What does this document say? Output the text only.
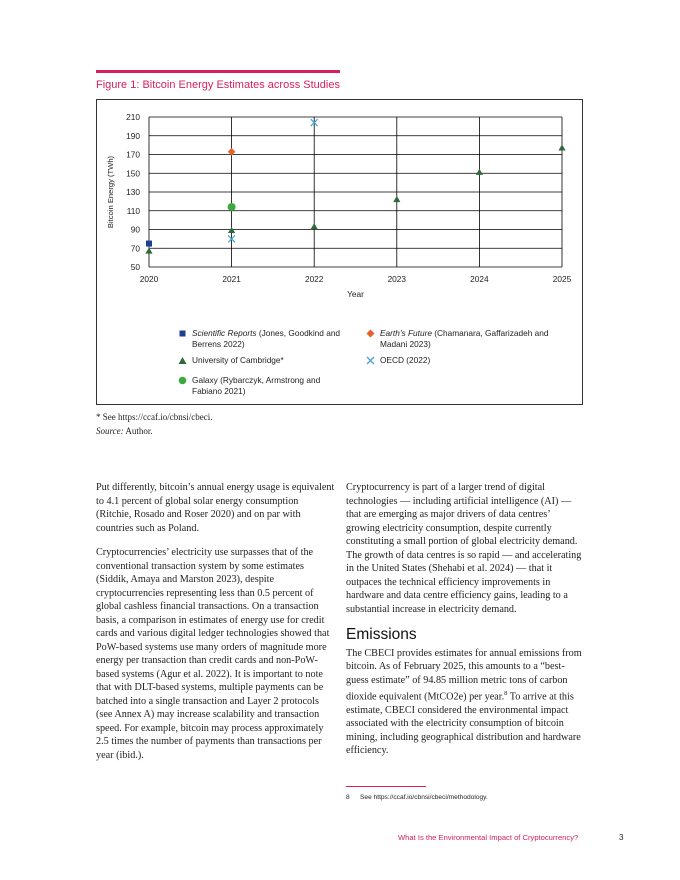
Figure 1: Bitcoin Energy Estimates across Studies
50
70
90
110
130
150
170
190
210
2020	2021	2022	2023	2024	2025
Year
Bitcoin Energy (TWh)
Scientific Reports (Jones, Goodkind and Berrens 2022)
University of Cambridge*
Galaxy (Rybarczyk, Armstrong and Fabiano 2021)
Earth’s Future (Chamanara, Gaffarizadeh and Madani 2023)
OECD (2022)
* See https://ccaf.io/cbnsi/cbeci.
Source: Author.

Put differently, bitcoin’s annual energy usage is equivalent to 4.1 percent of global solar energy consumption (Ritchie, Rosado and Roser 2020) and on par with countries such as Poland.

Cryptocurrencies’ electricity use surpasses that of the conventional transaction system by some estimates (Siddik, Amaya and Marston 2023), despite cryptocurrencies representing less than 0.5 percent of global cashless financial transactions. On a transaction basis, a comparison in estimates of energy use for credit cards and various digital ledger technologies showed that PoW-based systems use many orders of magnitude more energy per transaction than credit cards and non-PoW-based systems (Agur et al. 2022). It is important to note that with DLT-based systems, multiple payments can be batched into a single transaction and Layer 2 protocols (see Annex A) may increase scalability and transaction speed. For example, bitcoin may process approximately 2.5 times the number of payments than transactions per year (ibid.).

Cryptocurrency is part of a larger trend of digital technologies — including artificial intelligence (AI) — that are emerging as major drivers of data centres’ growing electricity consumption, despite currently constituting a small portion of global electricity demand. The growth of data centres is so rapid — and accelerating in the United States (Shehabi et al. 2024) — that it outpaces the technical efficiency improvements in hardware and data centre efficiency gains, leading to a substantial increase in electricity demand.

Emissions

The CBECI provides estimates for annual emissions from bitcoin. As of February 2025, this amounts to a “best-guess estimate” of 94.85 million metric tons of carbon dioxide equivalent (MtCO2e) per year.$^8$ To arrive at this estimate, CBECI considered the environmental impact associated with the electricity consumption of bitcoin mining, including geographical distribution and hardware efficiency.

8 See https://ccaf.io/cbnsi/cbeci/methodology.
What Is the Environmental Impact of Cryptocurrency?	3
